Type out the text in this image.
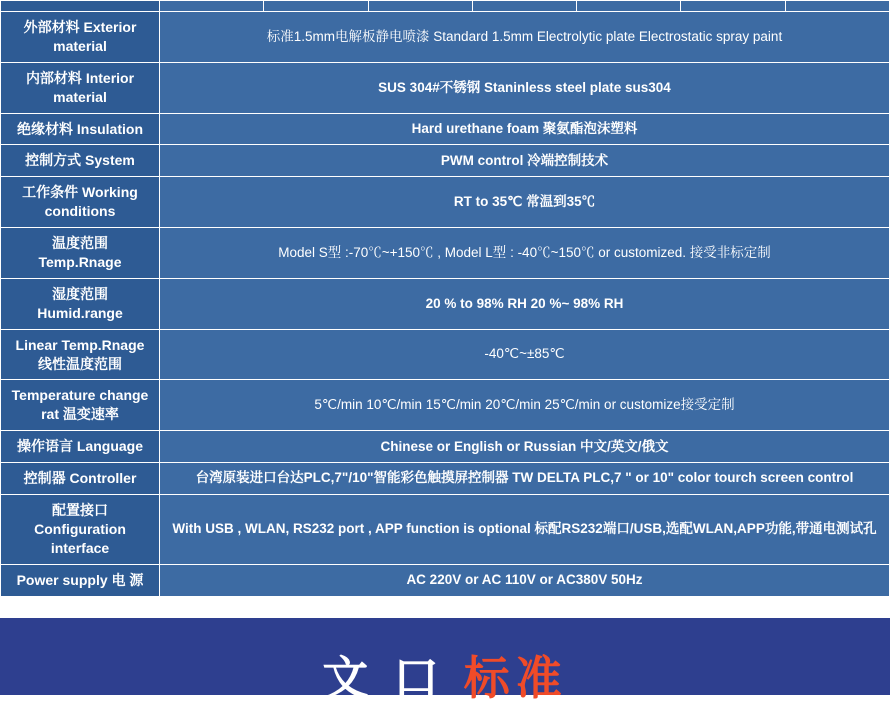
外部材料 Exterior material	标准1.5mm电解板静电喷漆 Standard 1.5mm Electrolytic plate Electrostatic spray paint
内部材料 Interior material	SUS 304#不锈钢 Staninless steel plate sus304
绝缘材料 Insulation	Hard urethane foam 聚氨酯泡沫塑料
控制方式 System	PWM control 冷端控制技术
工作条件 Working conditions	RT to 35℃ 常温到35℃
温度范围 Temp.Rnage	Model S型 :-70℃~+150℃ , Model L型 : -40℃~150℃ or customized. 接受非标定制
湿度范围 Humid.range	20 % to 98% RH 20 %~ 98% RH
Linear Temp.Rnage 线性温度范围	-40℃~±85℃
Temperature change rat 温变速率	5℃/min 10℃/min 15℃/min 20℃/min 25℃/min or customize接受定制
操作语言 Language	Chinese or English or Russian 中文/英文/俄文
控制器 Controller	台湾原装进口台达PLC,7"/10"智能彩色触摸屏控制器 TW DELTA PLC,7 " or 10" color tourch screen control
配置接口Configuration interface	With USB , WLAN, RS232 port , APP function is optional 标配RS232端口/USB,选配WLAN,APP功能,带通电测试孔
Power supply 电 源	AC 220V or AC 110V or AC380V 50Hz
文 口 标准
